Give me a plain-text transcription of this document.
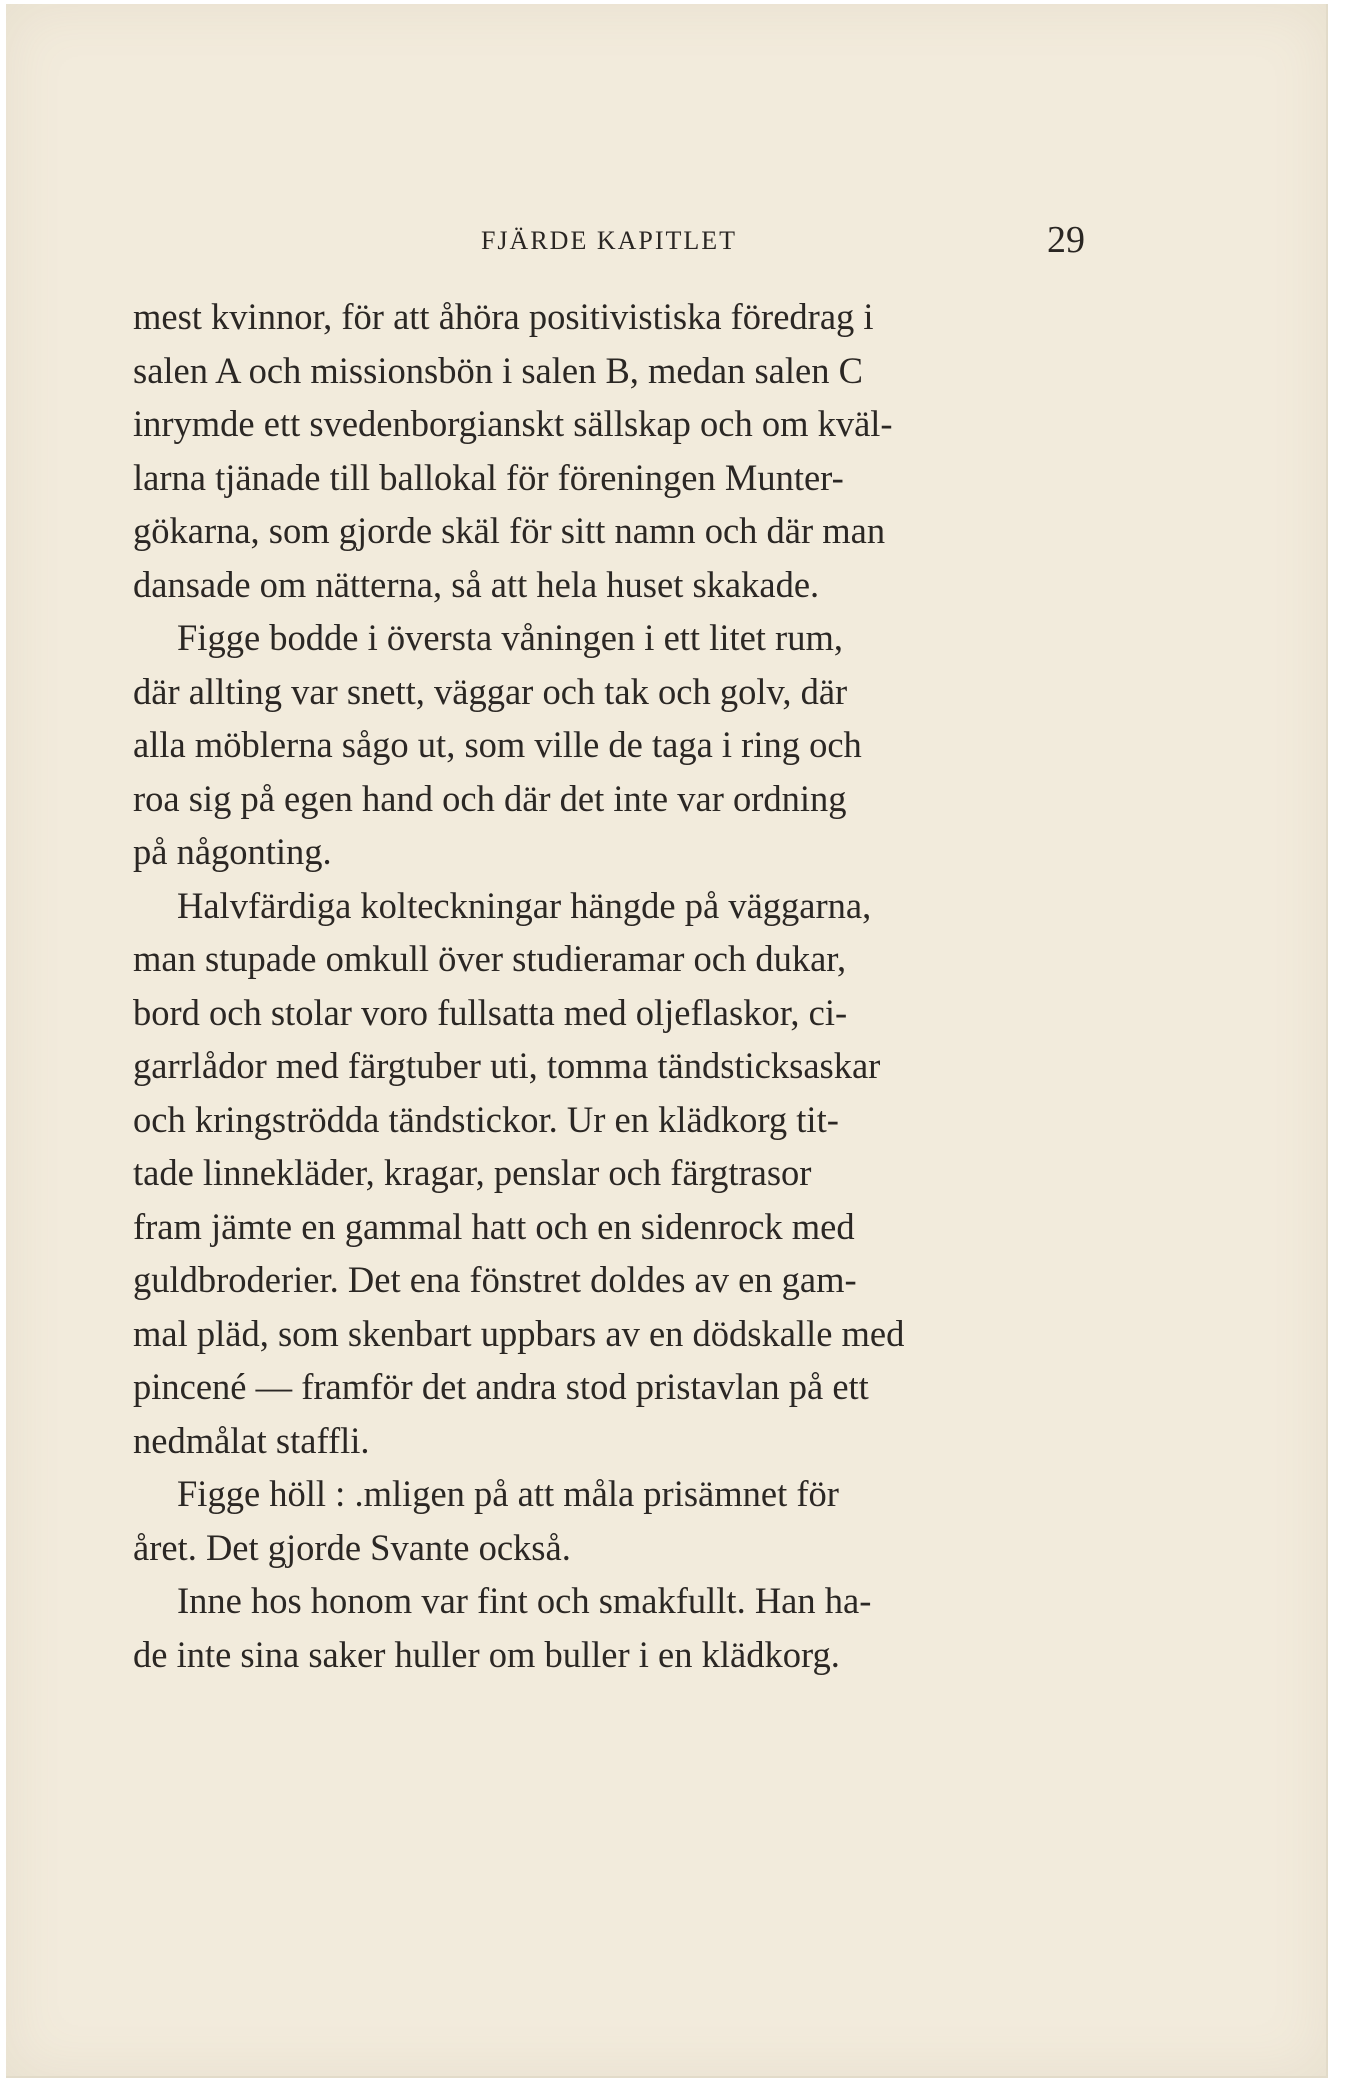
FJÄRDE KAPITLET	29
mest kvinnor, för att åhöra positivistiska föredrag i
salen A och missionsbön i salen B, medan salen C
inrymde ett svedenborgianskt sällskap och om kväl-
larna tjänade till ballokal för föreningen Munter-
gökarna, som gjorde skäl för sitt namn och där man
dansade om nätterna, så att hela huset skakade.
Figge bodde i översta våningen i ett litet rum,
där allting var snett, väggar och tak och golv, där
alla möblerna sågo ut, som ville de taga i ring och
roa sig på egen hand och där det inte var ordning
på någonting.
Halvfärdiga kolteckningar hängde på väggarna,
man stupade omkull över studieramar och dukar,
bord och stolar voro fullsatta med oljeflaskor, ci-
garrlådor med färgtuber uti, tomma tändsticksaskar
och kringströdda tändstickor. Ur en klädkorg tit-
tade linnekläder, kragar, penslar och färgtrasor
fram jämte en gammal hatt och en sidenrock med
guldbroderier. Det ena fönstret doldes av en gam-
mal pläd, som skenbart uppbars av en dödskalle med
pincené — framför det andra stod pristavlan på ett
nedmålat staffli.
Figge höll : .mligen på att måla prisämnet för
året. Det gjorde Svante också.
Inne hos honom var fint och smakfullt. Han ha-
de inte sina saker huller om buller i en klädkorg.
